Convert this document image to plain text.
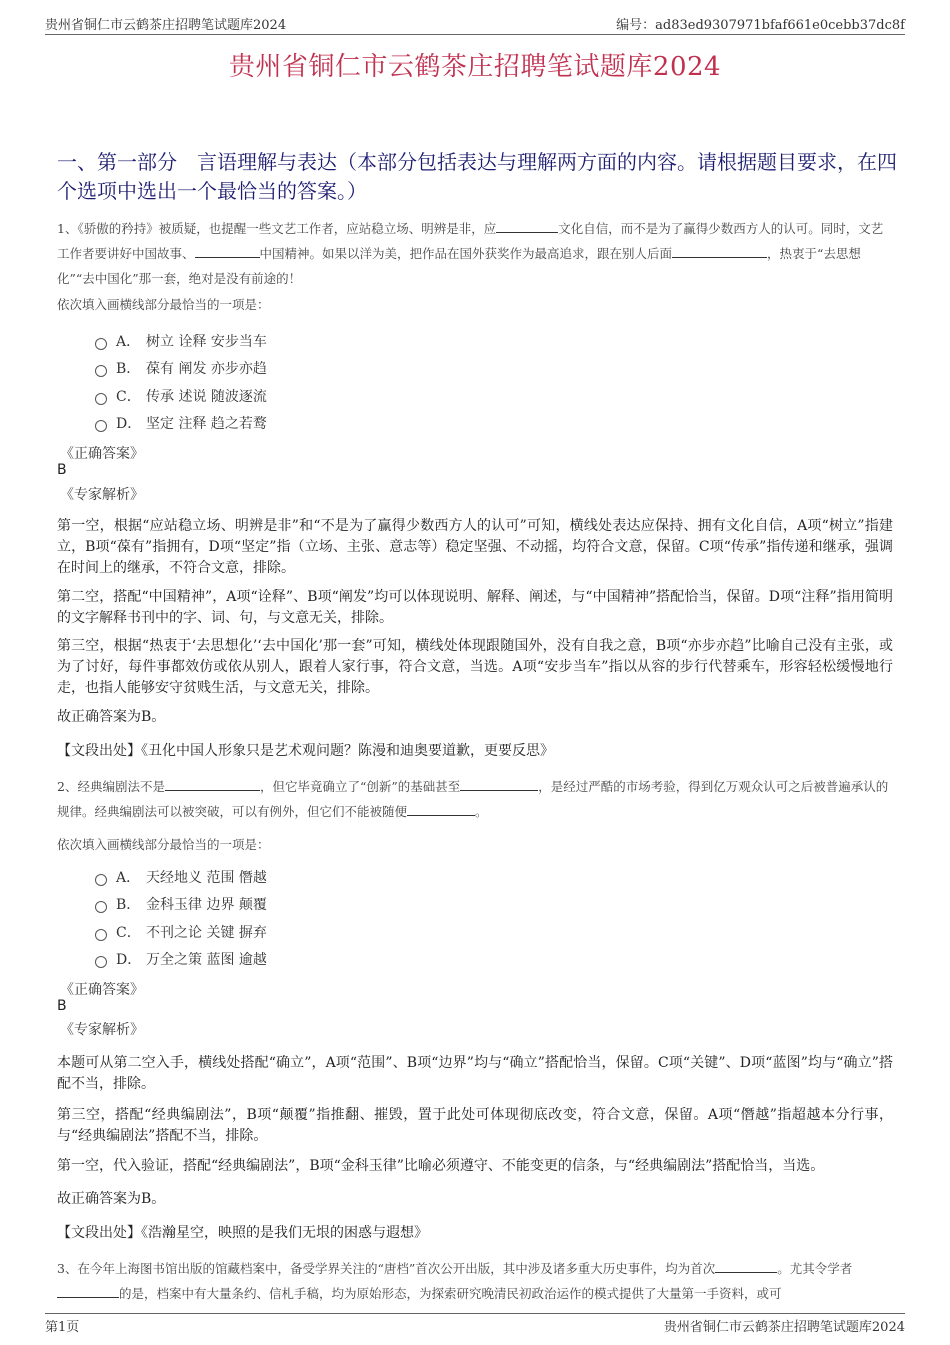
贵州省铜仁市云鹤茶庄招聘笔试题库2024	编号：ad83ed9307971bfaf661e0cebb37dc8f
贵州省铜仁市云鹤茶庄招聘笔试题库2024
一、第一部分　言语理解与表达（本部分包括表达与理解两方面的内容。请根据题目要求，在四个选项中选出一个最恰当的答案。）
1、《骄傲的矜持》被质疑，也提醒一些文艺工作者，应站稳立场、明辨是非，应	文化自信，而不是为了赢得少数西方人的认可。同时，文艺工作者要讲好中国故事、	中国精神。如果以洋为美，把作品在国外获奖作为最高追求，跟在别人后面	，热衷于“去思想化”“去中国化”那一套，绝对是没有前途的！
依次填入画横线部分最恰当的一项是：
A． 树立 诠释 安步当车
B． 葆有 阐发 亦步亦趋
C． 传承 述说 随波逐流
D． 坚定 注释 趋之若鹜
《正确答案》
B
《专家解析》
第一空，根据“应站稳立场、明辨是非”和“不是为了赢得少数西方人的认可”可知，横线处表达应保持、拥有文化自信，A项“树立”指建立，B项“葆有”指拥有，D项“坚定”指（立场、主张、意志等）稳定坚强、不动摇，均符合文意，保留。C项“传承”指传递和继承，强调在时间上的继承，不符合文意，排除。
第二空，搭配“中国精神”，A项“诠释”、B项“阐发”均可以体现说明、解释、阐述，与“中国精神”搭配恰当，保留。D项“注释”指用简明的文字解释书刊中的字、词、句，与文意无关，排除。
第三空，根据“热衷于‘去思想化’‘去中国化’那一套”可知，横线处体现跟随国外，没有自我之意，B项“亦步亦趋”比喻自己没有主张，或为了讨好，每件事都效仿或依从别人，跟着人家行事，符合文意，当选。A项“安步当车”指以从容的步行代替乘车，形容轻松缓慢地行走，也指人能够安守贫贱生活，与文意无关，排除。
故正确答案为B。
【文段出处】《丑化中国人形象只是艺术观问题？陈漫和迪奥要道歉，更要反思》
2、经典编剧法不是	，但它毕竟确立了“创新”的基础甚至	，是经过严酷的市场考验，得到亿万观众认可之后被普遍承认的规律。经典编剧法可以被突破，可以有例外，但它们不能被随便	。
依次填入画横线部分最恰当的一项是：
A． 天经地义 范围 僭越
B． 金科玉律 边界 颠覆
C． 不刊之论 关键 摒弃
D． 万全之策 蓝图 逾越
《正确答案》
B
《专家解析》
本题可从第二空入手，横线处搭配“确立”，A项“范围”、B项“边界”均与“确立”搭配恰当，保留。C项“关键”、D项“蓝图”均与“确立”搭配不当，排除。
第三空，搭配“经典编剧法”，B项“颠覆”指推翻、摧毁，置于此处可体现彻底改变，符合文意，保留。A项“僭越”指超越本分行事，与“经典编剧法”搭配不当，排除。
第一空，代入验证，搭配“经典编剧法”，B项“金科玉律”比喻必须遵守、不能变更的信条，与“经典编剧法”搭配恰当，当选。
故正确答案为B。
【文段出处】《浩瀚星空，映照的是我们无垠的困惑与遐想》
3、在今年上海图书馆出版的馆藏档案中，备受学界关注的“唐档”首次公开出版，其中涉及诸多重大历史事件，均为首次	。尤其令学者的是，档案中有大量条约、信札手稿，均为原始形态，为探索研究晚清民初政治运作的模式提供了大量第一手资料，或可
第1页	贵州省铜仁市云鹤茶庄招聘笔试题库2024
